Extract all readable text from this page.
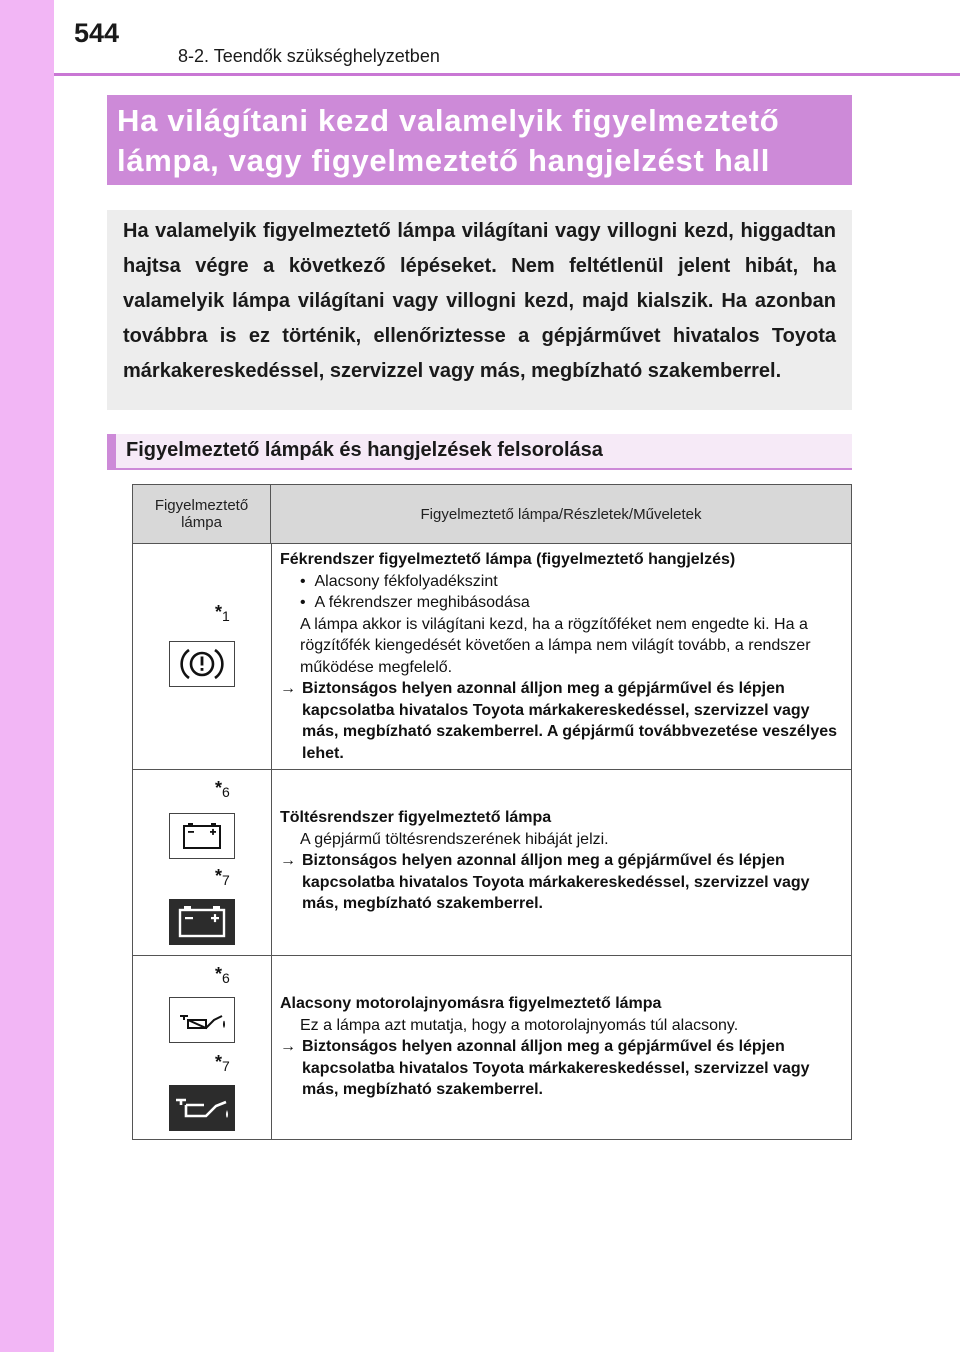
544
8-2. Teendők szükséghelyzetben
Ha világítani kezd valamelyik figyelmeztető
lámpa, vagy figyelmeztető hangjelzést hall
Ha valamelyik figyelmeztető lámpa világítani vagy villogni kezd, higgadtan hajtsa végre a következő lépéseket. Nem feltétlenül jelent hibát, ha valamelyik lámpa világítani vagy villogni kezd, majd kialszik. Ha azonban továbbra is ez történik, ellenőriztesse a gépjárművet hivatalos Toyota márkakereskedéssel, szervizzel vagy más, megbízható szakemberrel.
Figyelmeztető lámpák és hangjelzések felsorolása
Figyelmeztető lámpa	Figyelmeztető lámpa/Részletek/Műveletek
*1
Fékrendszer figyelmeztető lámpa (figyelmeztető hangjelzés)
•  Alacsony fékfolyadékszint
•  A fékrendszer meghibásodása
A lámpa akkor is világítani kezd, ha a rögzítőféket nem engedte ki. Ha a rögzítőfék kiengedését követően a lámpa nem világít tovább, a rendszer működése megfelelő.
→ Biztonságos helyen azonnal álljon meg a gépjárművel és lépjen kapcsolatba hivatalos Toyota márkakereskedéssel, szervizzel vagy más, megbízható szakemberrel. A gépjármű továbbvezetése veszélyes lehet.
*6
*7
Töltésrendszer figyelmeztető lámpa
A gépjármű töltésrendszerének hibáját jelzi.
→ Biztonságos helyen azonnal álljon meg a gépjárművel és lépjen kapcsolatba hivatalos Toyota márkakereskedéssel, szervizzel vagy más, megbízható szakemberrel.
*6
*7
Alacsony motorolajnyomásra figyelmeztető lámpa
Ez a lámpa azt mutatja, hogy a motorolajnyomás túl alacsony.
→ Biztonságos helyen azonnal álljon meg a gépjárművel és lépjen kapcsolatba hivatalos Toyota márkakereskedéssel, szervizzel vagy más, megbízható szakemberrel.
